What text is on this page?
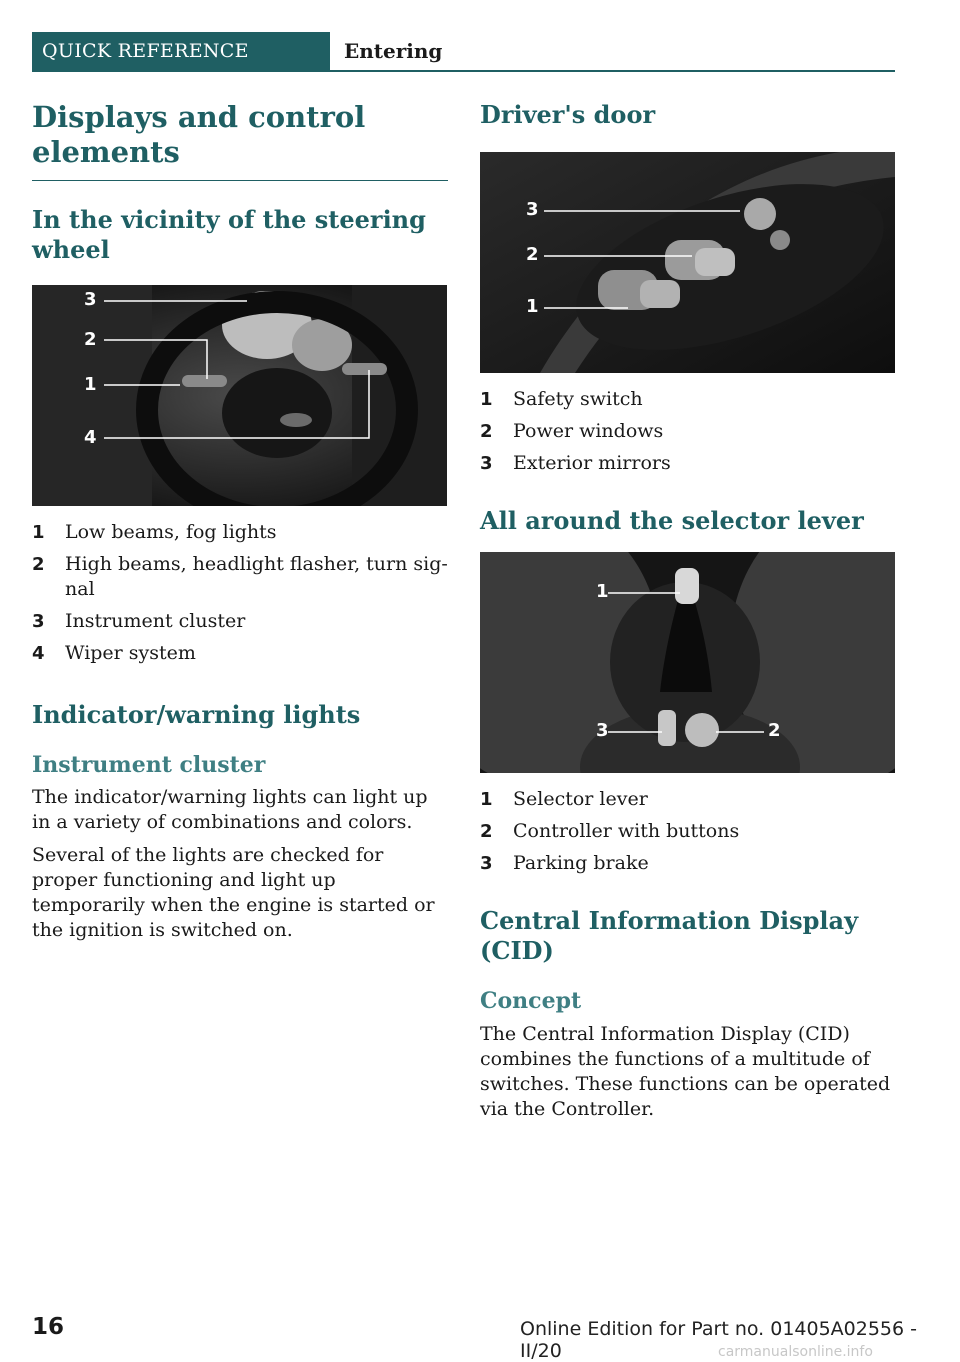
QUICK REFERENCE	Entering
Displays and control elements
In the vicinity of the steering wheel
3
2
1
4
1 Low beams, fog lights
2 High beams, headlight flasher, turn signal
3 Instrument cluster
4 Wiper system
Indicator/warning lights
Instrument cluster

The indicator/warning lights can light up in a variety of combinations and colors.

Several of the lights are checked for proper functioning and light up temporarily when the engine is started or the ignition is switched on.

Driver's door
3
2
1
1 Safety switch
2 Power windows
3 Exterior mirrors
All around the selector lever
1
2
3
1 Selector lever
2 Controller with buttons
3 Parking brake
Central Information Display (CID)
Concept

The Central Information Display (CID) combines the functions of a multitude of switches. These functions can be operated via the Controller.

16	Online Edition for Part no. 01405A02556 - II/20	carmanualsonline.info
